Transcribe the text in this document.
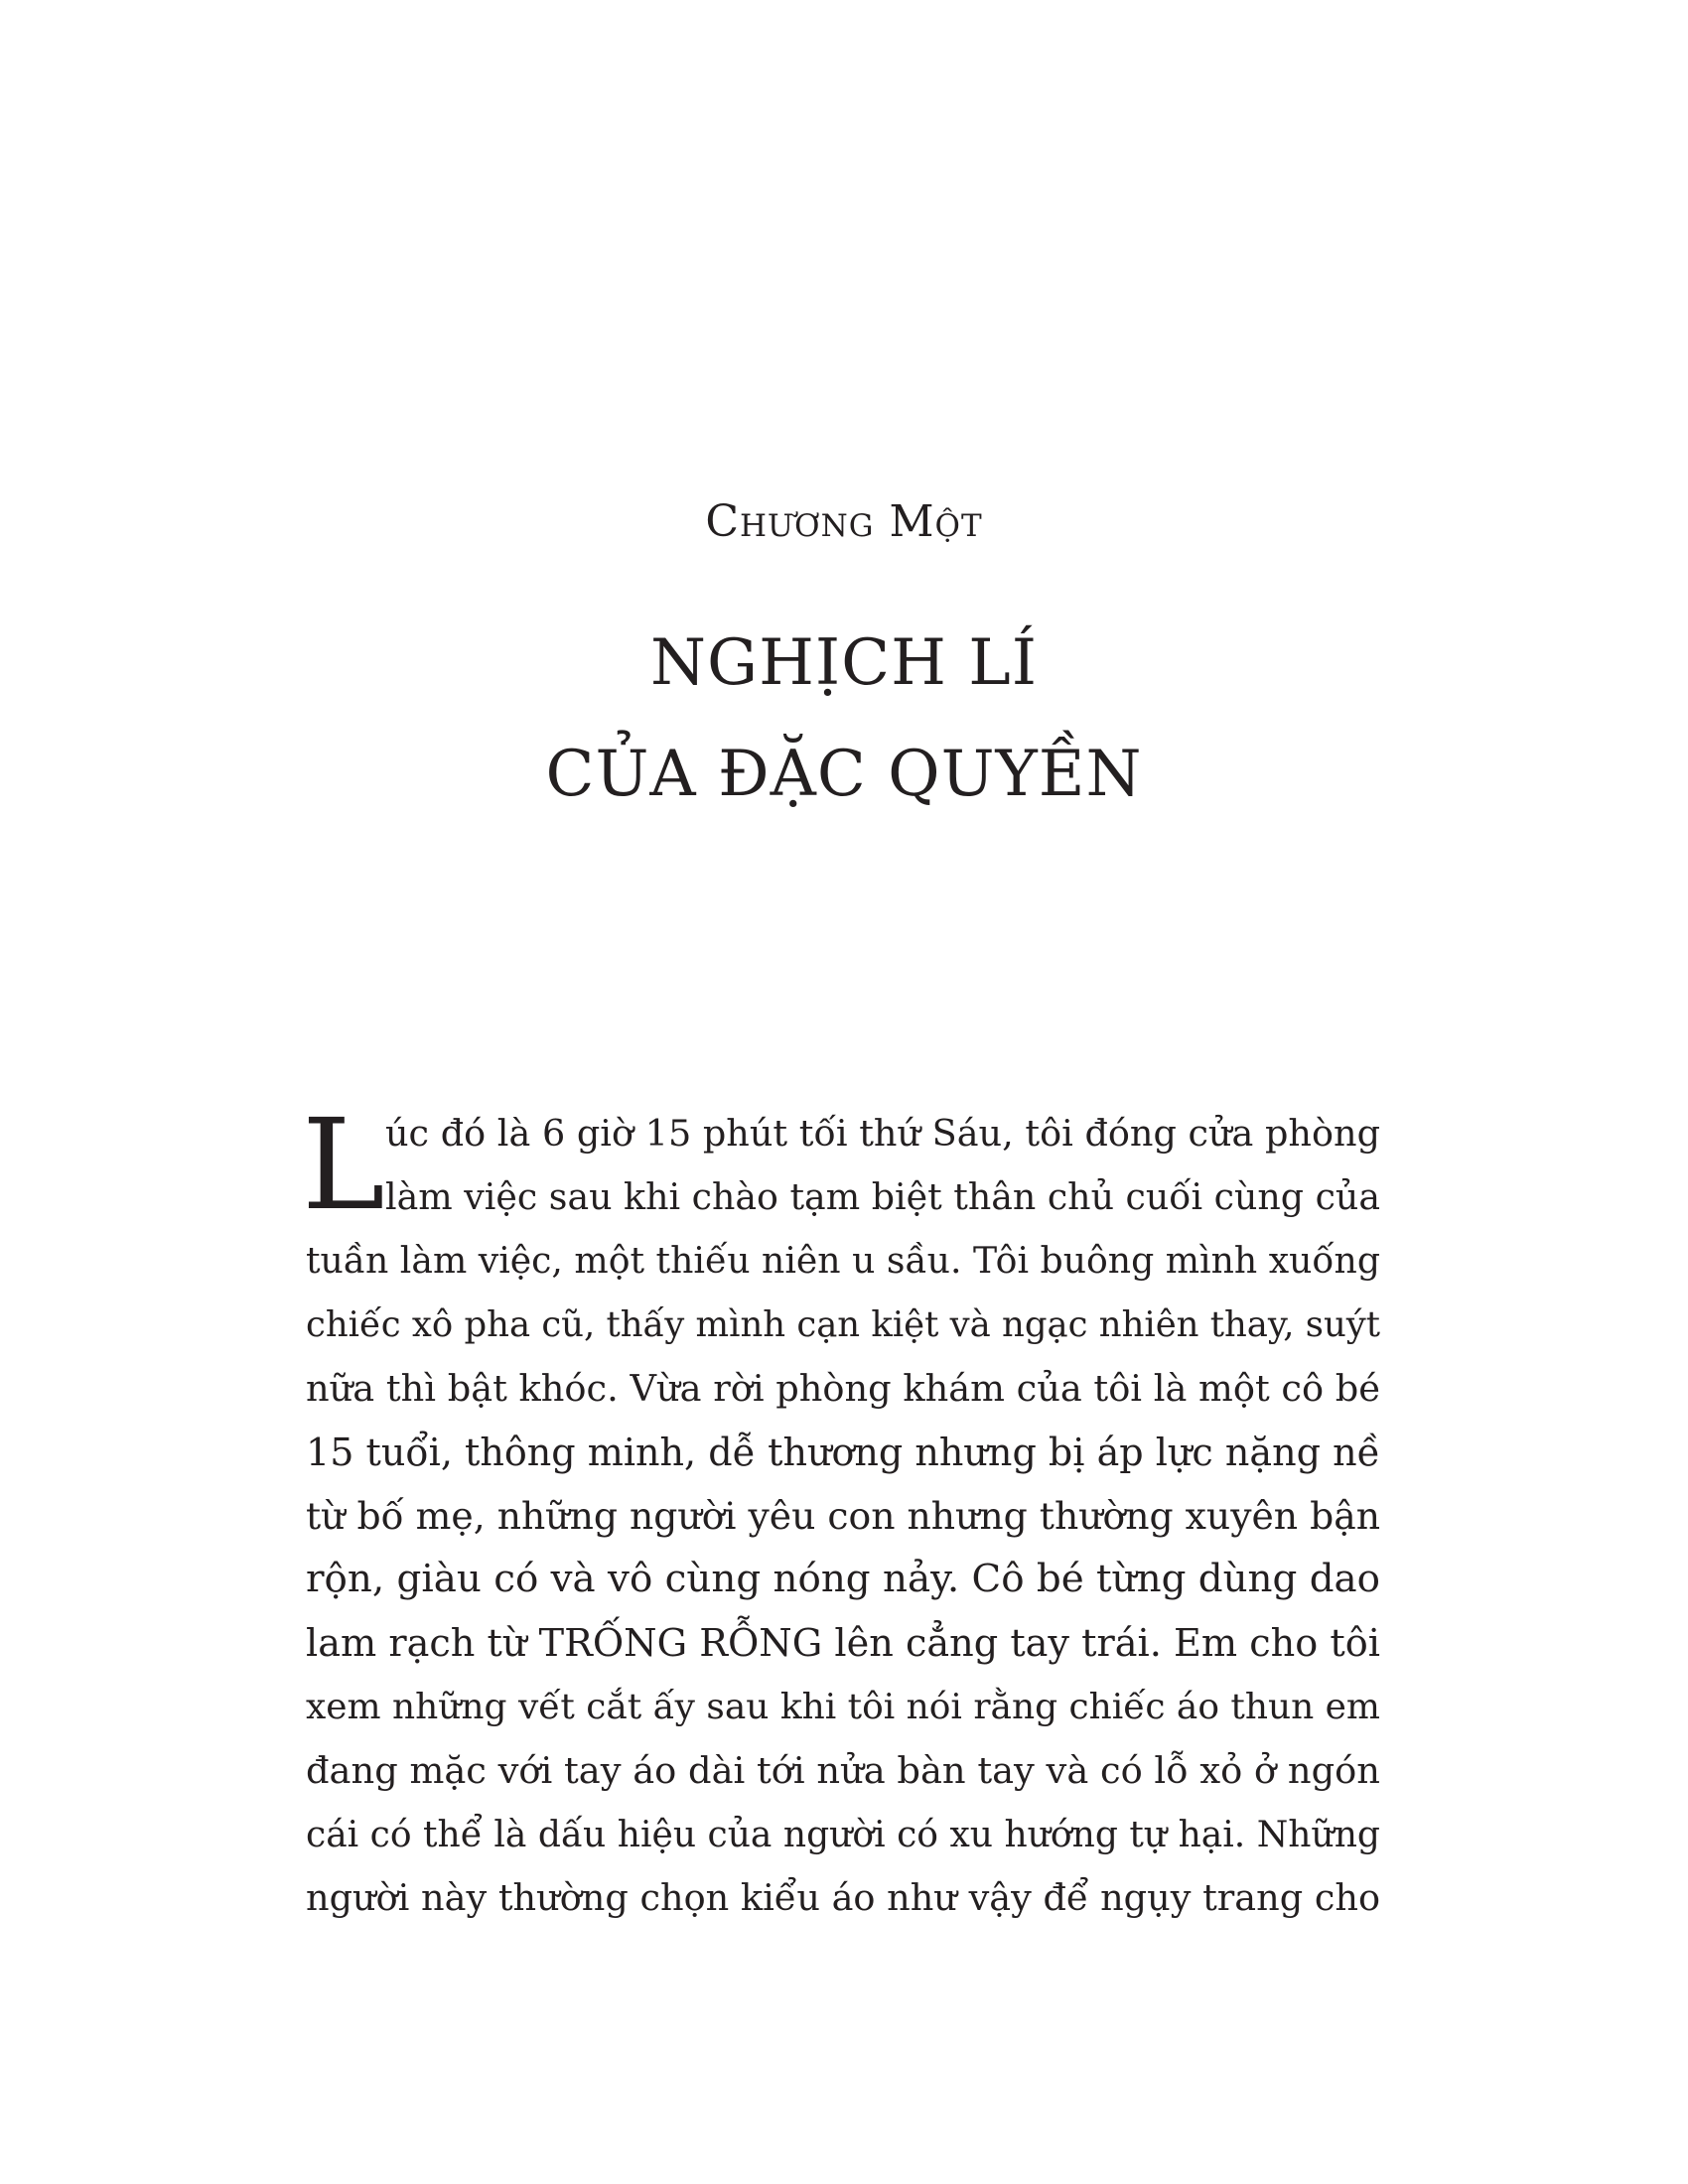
Chương Một
NGHỊCH LÍ
CỦA ĐẶC QUYỀN
L úc đó là 6 giờ 15 phút tối thứ Sáu, tôi đóng cửa phòng
làm việc sau khi chào tạm biệt thân chủ cuối cùng của
tuần làm việc, một thiếu niên u sầu. Tôi buông mình xuống
chiếc xô pha cũ, thấy mình cạn kiệt và ngạc nhiên thay, suýt
nữa thì bật khóc. Vừa rời phòng khám của tôi là một cô bé
15 tuổi, thông minh, dễ thương nhưng bị áp lực nặng nề
từ bố mẹ, những người yêu con nhưng thường xuyên bận
rộn, giàu có và vô cùng nóng nảy. Cô bé từng dùng dao
lam rạch từ TRỐNG RỖNG lên cẳng tay trái. Em cho tôi
xem những vết cắt ấy sau khi tôi nói rằng chiếc áo thun em
đang mặc với tay áo dài tới nửa bàn tay và có lỗ xỏ ở ngón
cái có thể là dấu hiệu của người có xu hướng tự hại. Những
người này thường chọn kiểu áo như vậy để ngụy trang cho
